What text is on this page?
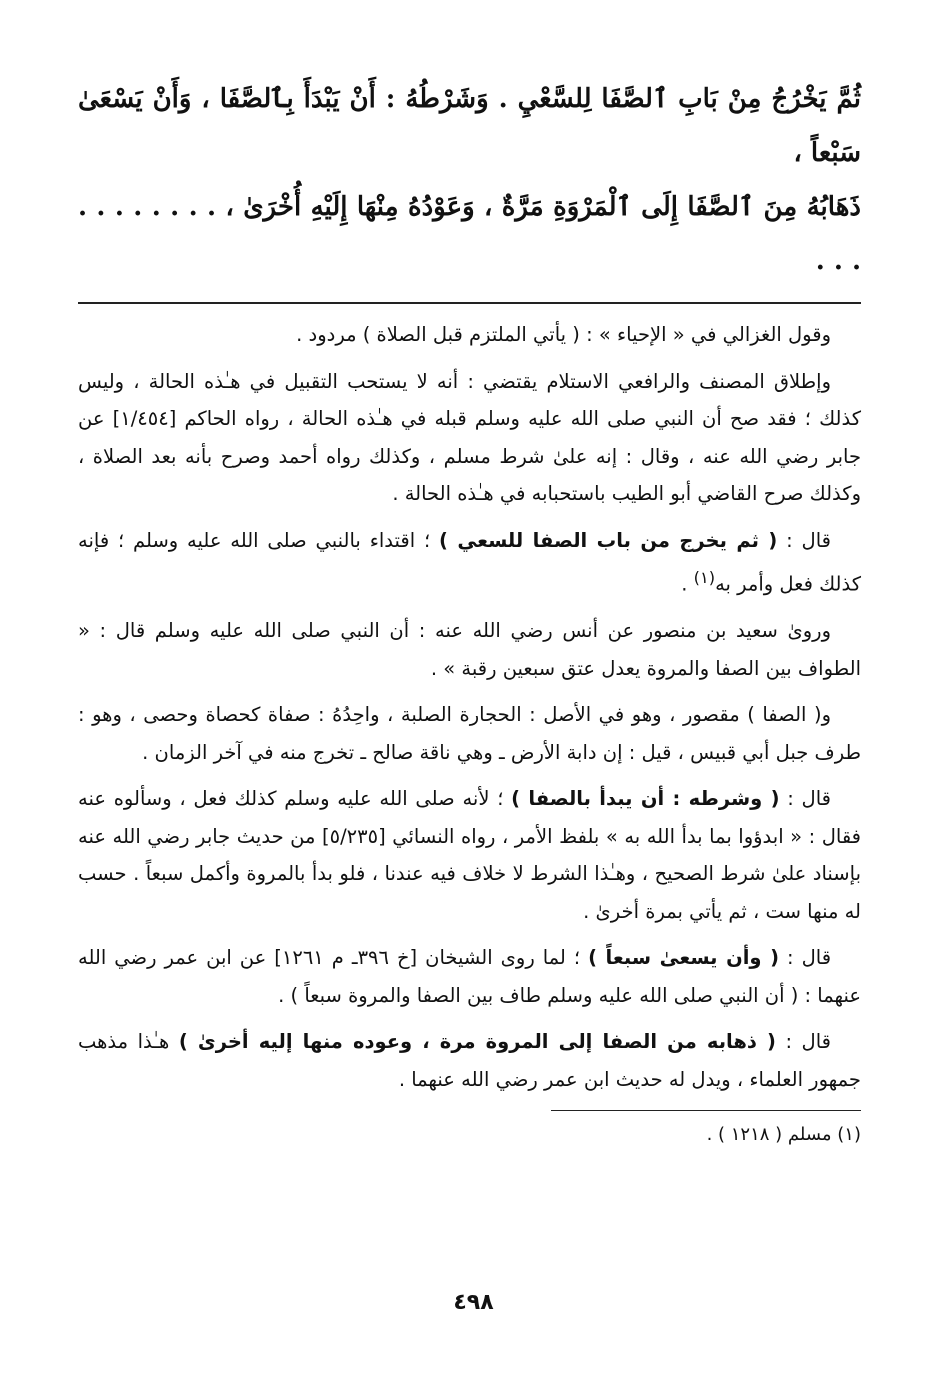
ثُمَّ يَخْرُجُ مِنْ بَابِ ٱلصَّفَا لِلسَّعْيِ . وَشَرْطُهُ : أَنْ يَبْدَأَ بِٱلصَّفَا ، وَأَنْ يَسْعَىٰ سَبْعاً ،

ذَهَابُهُ مِنَ ٱلصَّفَا إِلَى ٱلْمَرْوَةِ مَرَّةٌ ، وَعَوْدُهُ مِنْهَا إِلَيْهِ أُخْرَىٰ ، . . . . . . . . . . .

وقول الغزالي في « الإحياء » : ( يأتي الملتزم قبل الصلاة ) مردود .

وإطلاق المصنف والرافعي الاستلام يقتضي : أنه لا يستحب التقبيل في هـٰذه الحالة ، وليس كذلك ؛ فقد صح أن النبي صلى الله عليه وسلم قبله في هـٰذه الحالة ، رواه الحاكم [١/٤٥٤] عن جابر رضي الله عنه ، وقال : إنه علىٰ شرط مسلم ، وكذلك رواه أحمد وصرح بأنه بعد الصلاة ، وكذلك صرح القاضي أبو الطيب باستحبابه في هـٰذه الحالة .

قال : ( ثم يخرج من باب الصفا للسعي ) ؛ اقتداء بالنبي صلى الله عليه وسلم ؛ فإنه كذلك فعل وأمر به$^{(١)}$ .

وروىٰ سعيد بن منصور عن أنس رضي الله عنه : أن النبي صلى الله عليه وسلم قال : « الطواف بين الصفا والمروة يعدل عتق سبعين رقبة » .

و( الصفا ) مقصور ، وهو في الأصل : الحجارة الصلبة ، واحِدُهُ : صفاة كحصاة وحصى ، وهو : طرف جبل أبي قبيس ، قيل : إن دابة الأرض ـ وهي ناقة صالح ـ تخرج منه في آخر الزمان .

قال : ( وشرطه : أن يبدأ بالصفا ) ؛ لأنه صلى الله عليه وسلم كذلك فعل ، وسألوه عنه فقال : « ابدؤوا بما بدأ الله به » بلفظ الأمر ، رواه النسائي [٥/٢٣٥] من حديث جابر رضي الله عنه بإسناد علىٰ شرط الصحيح ، وهـٰذا الشرط لا خلاف فيه عندنا ، فلو بدأ بالمروة وأكمل سبعاً . حسب له منها ست ، ثم يأتي بمرة أخرىٰ .

قال : ( وأن يسعىٰ سبعاً ) ؛ لما روى الشيخان [خ ٣٩٦ـ م ١٢٦١] عن ابن عمر رضي الله عنهما : ( أن النبي صلى الله عليه وسلم طاف بين الصفا والمروة سبعاً ) .

قال : ( ذهابه من الصفا إلى المروة مرة ، وعوده منها إليه أخرىٰ ) هـٰذا مذهب جمهور العلماء ، ويدل له حديث ابن عمر رضي الله عنهما .

(١) مسلم ( ١٢١٨ ) .

٤٩٨
